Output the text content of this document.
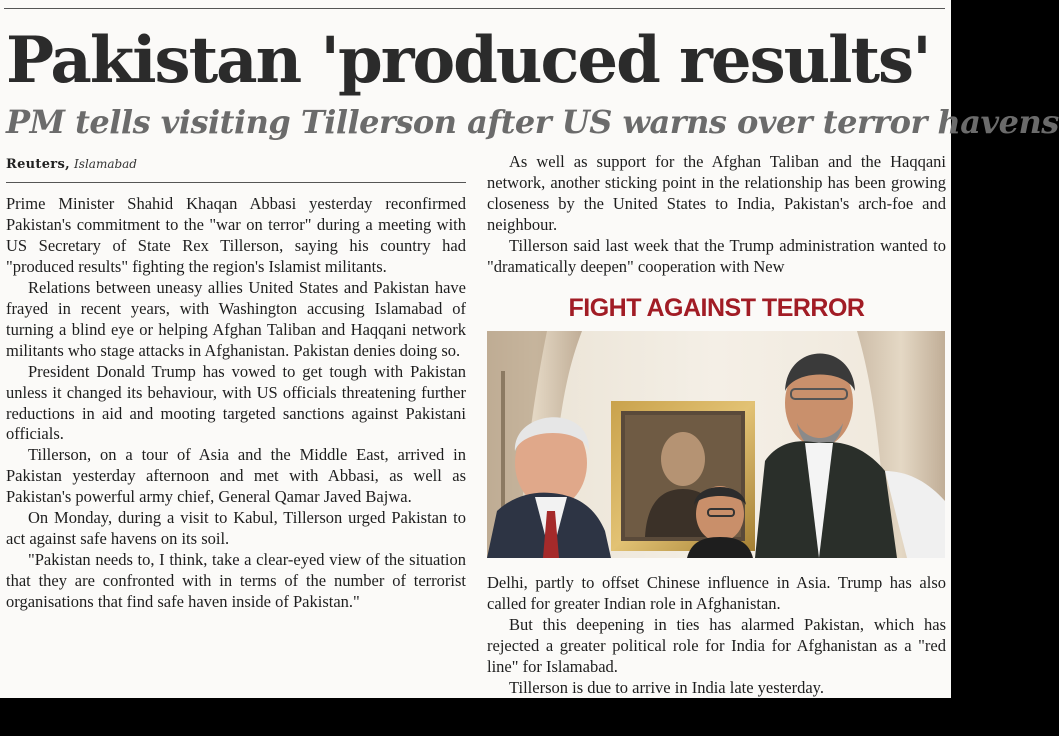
Pakistan 'produced results'
PM tells visiting Tillerson after US warns over terror havens
Reuters, Islamabad

Prime Minister Shahid Khaqan Abbasi yesterday reconfirmed Pakistan's commitment to the "war on terror" during a meeting with US Secretary of State Rex Tillerson, saying his country had "produced results" fighting the region's Islamist militants.

Relations between uneasy allies United States and Pakistan have frayed in recent years, with Washington accusing Islamabad of turning a blind eye or helping Afghan Taliban and Haqqani network militants who stage attacks in Afghanistan. Pakistan denies doing so.

President Donald Trump has vowed to get tough with Pakistan unless it changed its behaviour, with US officials threatening further reductions in aid and mooting targeted sanctions against Pakistani officials.

Tillerson, on a tour of Asia and the Middle East, arrived in Pakistan yesterday afternoon and met with Abbasi, as well as Pakistan's powerful army chief, General Qamar Javed Bajwa.

On Monday, during a visit to Kabul, Tillerson urged Pakistan to act against safe havens on its soil.

"Pakistan needs to, I think, take a clear-eyed view of the situation that they are confronted with in terms of the number of terrorist organisations that find safe haven inside of Pakistan."

As well as support for the Afghan Taliban and the Haqqani network, another sticking point in the relationship has been growing closeness by the United States to India, Pakistan's arch-foe and neighbour.

Tillerson said last week that the Trump administration wanted to "dramatically deepen" cooperation with New

FIGHT AGAINST TERROR

Delhi, partly to offset Chinese influence in Asia. Trump has also called for greater Indian role in Afghanistan.

But this deepening in ties has alarmed Pakistan, which has rejected a greater political role for India for Afghanistan as a "red line" for Islamabad.

Tillerson is due to arrive in India late yesterday.
